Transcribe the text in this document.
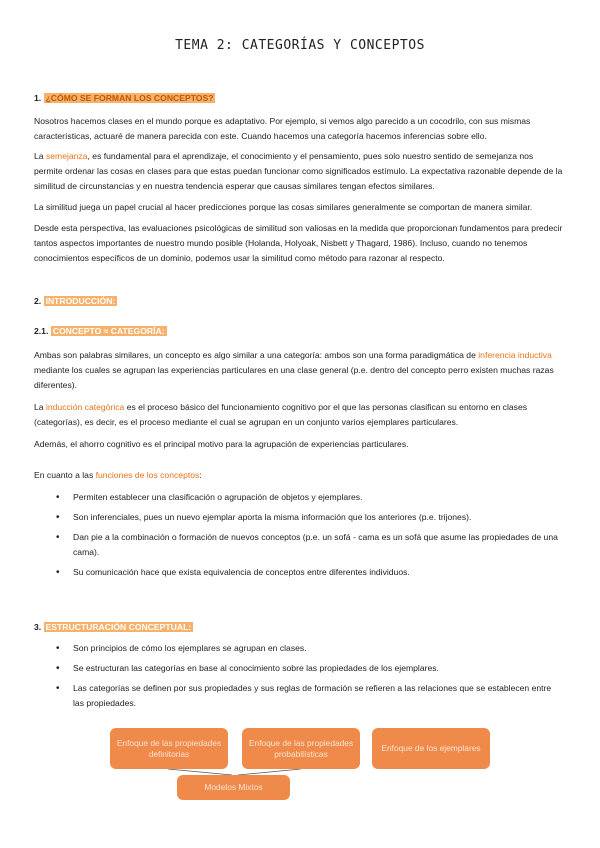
TEMA 2: CATEGORÍAS Y CONCEPTOS
1. ¿CÓMO SE FORMAN LOS CONCEPTOS?
Nosotros hacemos clases en el mundo porque es adaptativo. Por ejemplo, si vemos algo parecido a un cocodrilo, con sus mismas características, actuaré de manera parecida con este. Cuando hacemos una categoría hacemos inferencias sobre ello.
La semejanza, es fundamental para el aprendizaje, el conocimiento y el pensamiento, pues solo nuestro sentido de semejanza nos permite ordenar las cosas en clases para que estas puedan funcionar como significados estímulo. La expectativa razonable depende de la similitud de circunstancias y en nuestra tendencia esperar que causas similares tengan efectos similares.
La similitud juega un papel crucial al hacer predicciones porque las cosas similares generalmente se comportan de manera similar.
Desde esta perspectiva, las evaluaciones psicológicas de similitud son valiosas en la medida que proporcionan fundamentos para predecir tantos aspectos importantes de nuestro mundo posible (Holanda, Holyoak, Nisbett y Thagard, 1986). Incluso, cuando no tenemos conocimientos específicos de un dominio, podemos usar la similitud como método para razonar al respecto.
2. INTRODUCCIÓN:
2.1. CONCEPTO ≈ CATEGORÍA:
Ambas son palabras similares, un concepto es algo similar a una categoría: ambos son una forma paradigmática de inferencia inductiva mediante los cuales se agrupan las experiencias particulares en una clase general (p.e. dentro del concepto perro existen muchas razas diferentes).
La inducción categórica es el proceso básico del funcionamiento cognitivo por el que las personas clasifican su entorno en clases (categorías), es decir, es el proceso mediante el cual se agrupan en un conjunto varios ejemplares particulares.
Además, el ahorro cognitivo es el principal motivo para la agrupación de experiencias particulares.
En cuanto a las funciones de los conceptos:
• Permiten establecer una clasificación o agrupación de objetos y ejemplares.
• Son inferenciales, pues un nuevo ejemplar aporta la misma información que los anteriores (p.e. trijones).
• Dan pie a la combinación o formación de nuevos conceptos (p.e. un sofá - cama es un sofá que asume las propiedades de una cama).
• Su comunicación hace que exista equivalencia de conceptos entre diferentes individuos.
3. ESTRUCTURACIÓN CONCEPTUAL:
• Son principios de cómo los ejemplares se agrupan en clases.
• Se estructuran las categorías en base al conocimiento sobre las propiedades de los ejemplares.
• Las categorías se definen por sus propiedades y sus reglas de formación se refieren a las relaciones que se establecen entre las propiedades.
Enfoque de las propiedades definitorias
Enfoque de las propiedades probabilísticas
Enfoque de los ejemplares
Modelos Mixtos
